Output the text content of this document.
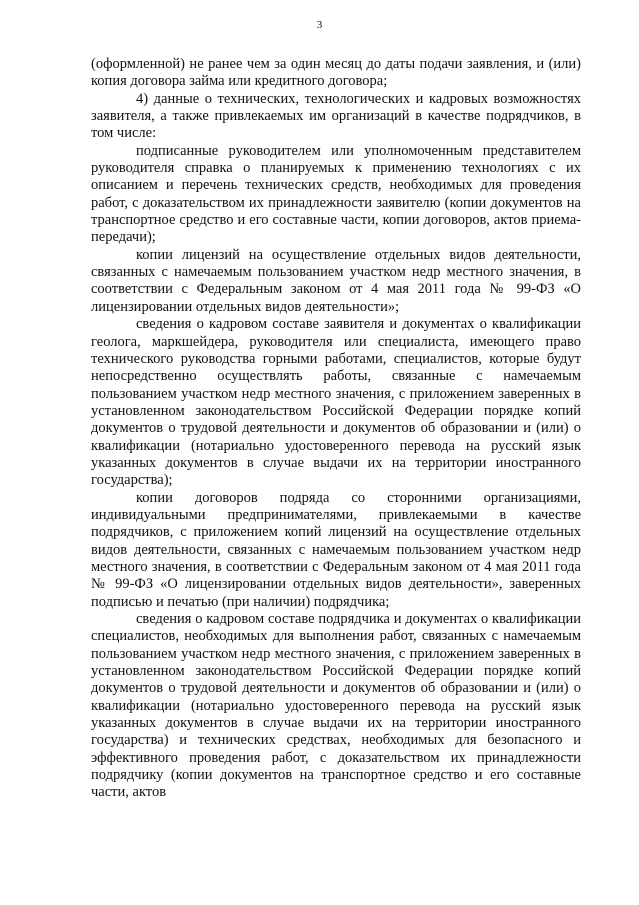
3

(оформленной) не ранее чем за один месяц до даты подачи заявления, и (или) копия договора займа или кредитного договора;

4) данные о технических, технологических и кадровых возможностях заявителя, а также привлекаемых им организаций в качестве подрядчиков, в том числе:

подписанные руководителем или уполномоченным представителем руководителя справка о планируемых к применению технологиях с их описанием и перечень технических средств, необходимых для проведения работ, с доказательством их принадлежности заявителю (копии документов на транспортное средство и его составные части, копии договоров, актов приема-передачи);

копии лицензий на осуществление отдельных видов деятельности, связанных с намечаемым пользованием участком недр местного значения, в соответствии с Федеральным законом от 4 мая 2011 года № 99-ФЗ «О лицензировании отдельных видов деятельности»;

сведения о кадровом составе заявителя и документах о квалификации геолога, маркшейдера, руководителя или специалиста, имеющего право технического руководства горными работами, специалистов, которые будут непосредственно осуществлять работы, связанные с намечаемым пользованием участком недр местного значения, с приложением заверенных в установленном законодательством Российской Федерации порядке копий документов о трудовой деятельности и документов об образовании и (или) о квалификации (нотариально удостоверенного перевода на русский язык указанных документов в случае выдачи их на территории иностранного государства);

копии договоров подряда со сторонними организациями, индивидуальными предпринимателями, привлекаемыми в качестве подрядчиков, с приложением копий лицензий на осуществление отдельных видов деятельности, связанных с намечаемым пользованием участком недр местного значения, в соответствии с Федеральным законом от 4 мая 2011 года № 99-ФЗ «О лицензировании отдельных видов деятельности», заверенных подписью и печатью (при наличии) подрядчика;

сведения о кадровом составе подрядчика и документах о квалификации специалистов, необходимых для выполнения работ, связанных с намечаемым пользованием участком недр местного значения, с приложением заверенных в установленном законодательством Российской Федерации порядке копий документов о трудовой деятельности и документов об образовании и (или) о квалификации (нотариально удостоверенного перевода на русский язык указанных документов в случае выдачи их на территории иностранного государства) и технических средствах, необходимых для безопасного и эффективного проведения работ, с доказательством их принадлежности подрядчику (копии документов на транспортное средство и его составные части, актов
